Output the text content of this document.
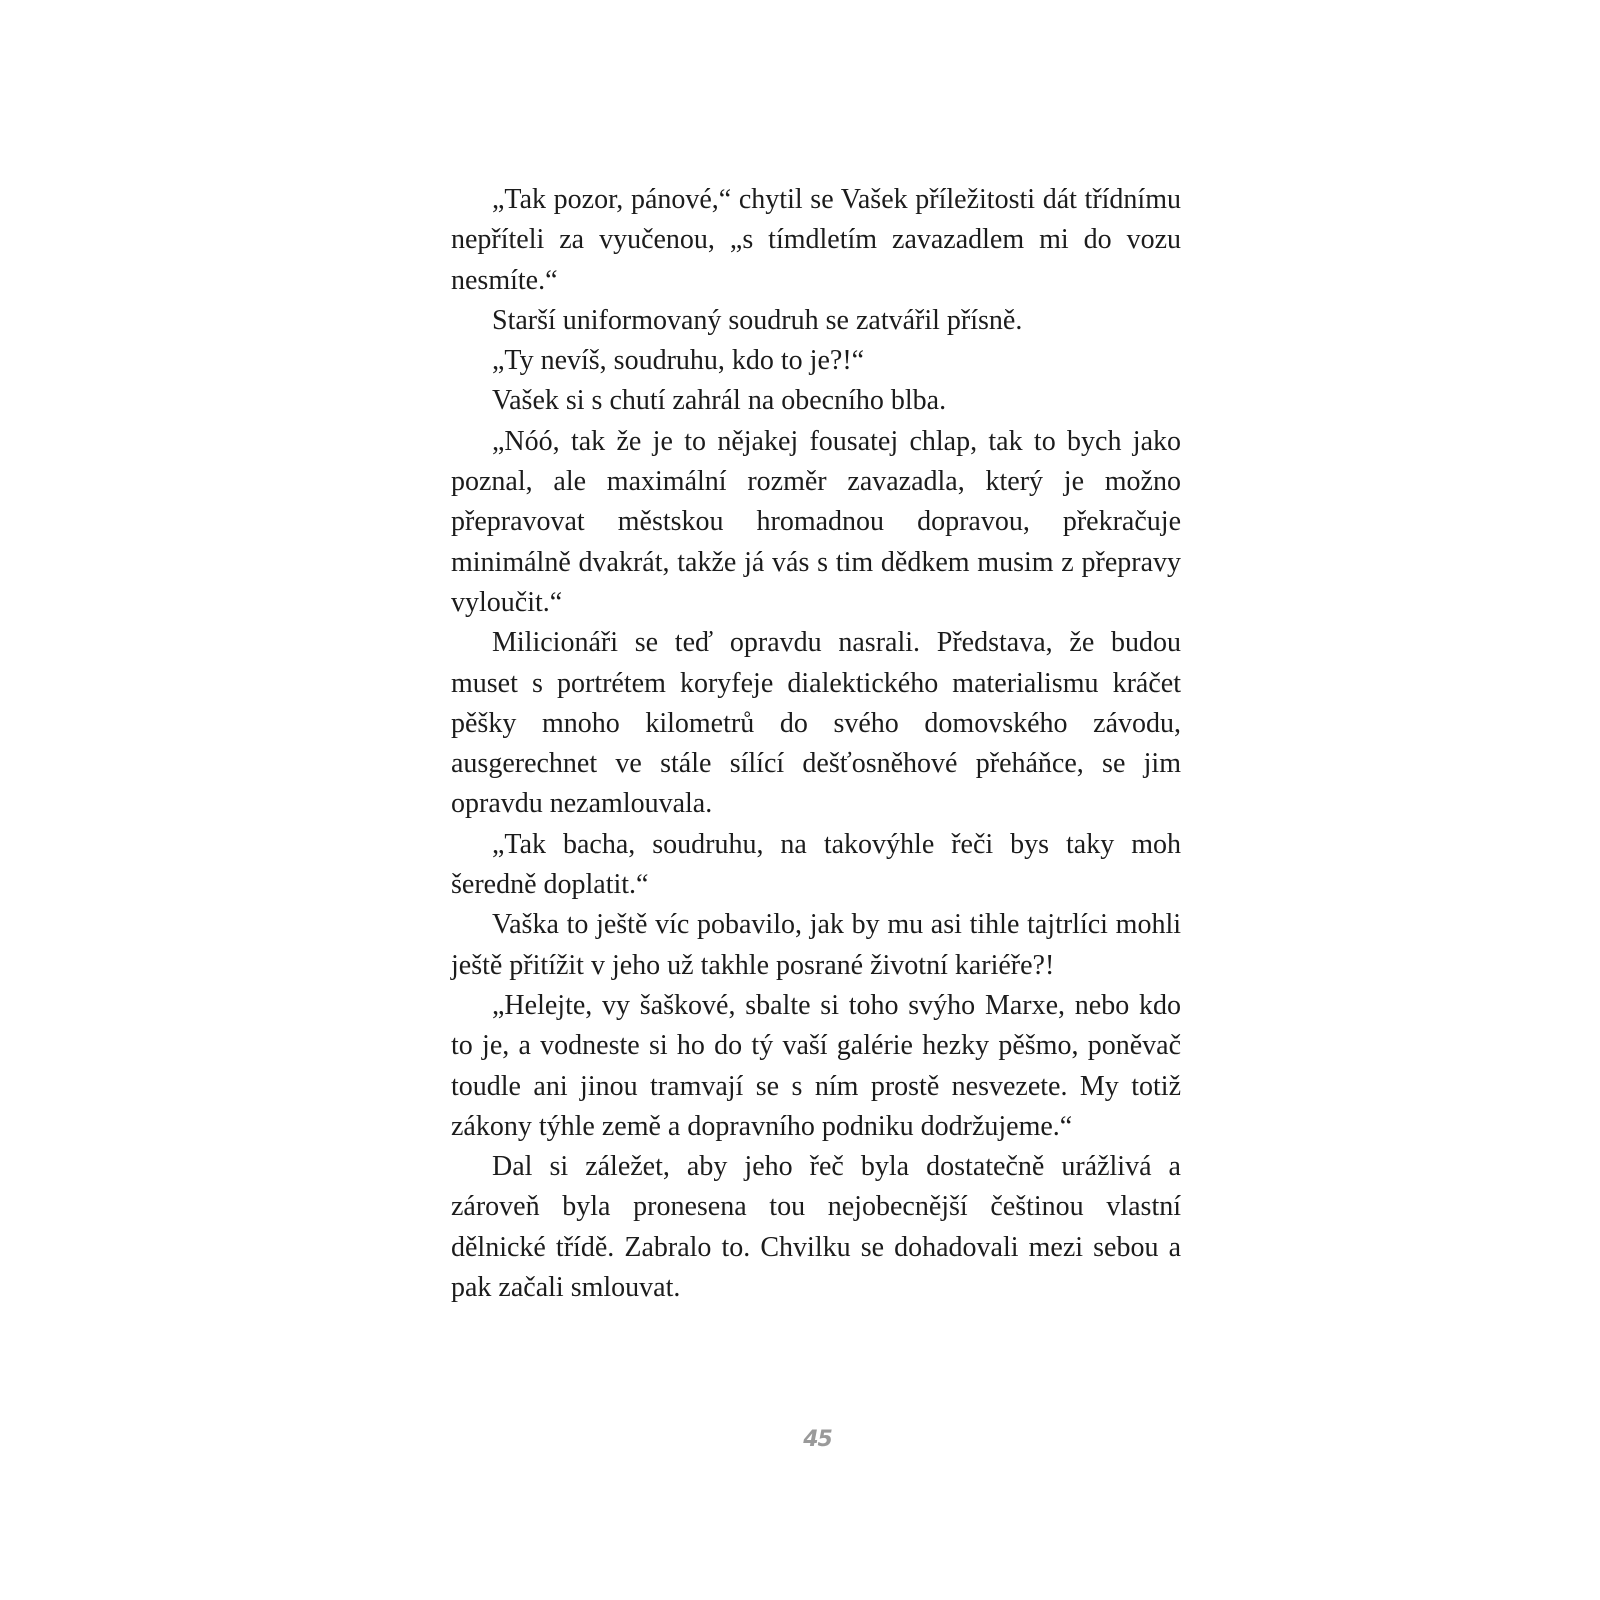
„Tak pozor, pánové,“ chytil se Vašek příležitosti dát třídnímu nepříteli za vyučenou, „s tímdletím zavazadlem mi do vozu nesmíte.“

Starší uniformovaný soudruh se zatvářil přísně.

„Ty nevíš, soudruhu, kdo to je?!“

Vašek si s chutí zahrál na obecního blba.

„Nóó, tak že je to nějakej fousatej chlap, tak to bych jako poznal, ale maximální rozměr zavazadla, který je možno přepravovat městskou hromadnou dopravou, překračuje minimálně dvakrát, takže já vás s tim dědkem musim z přepravy vyloučit.“

Milicionáři se teď opravdu nasrali. Představa, že budou muset s portrétem koryfeje dialektického materialismu kráčet pěšky mnoho kilometrů do svého domovského závodu, ausgerechnet ve stále sílící dešťosněhové přeháňce, se jim opravdu nezamlouvala.

„Tak bacha, soudruhu, na takovýhle řeči bys taky moh šeredně doplatit.“

Vaška to ještě víc pobavilo, jak by mu asi tihle tajtrlíci mohli ještě přitížit v jeho už takhle posrané životní kariéře?!

„Helejte, vy šaškové, sbalte si toho svýho Marxe, nebo kdo to je, a vodneste si ho do tý vaší galérie hezky pěšmo, poněvač toudle ani jinou tramvají se s ním prostě nesvezete. My totiž zákony týhle země a dopravního podniku dodržujeme.“

Dal si záležet, aby jeho řeč byla dostatečně urážlivá a zároveň byla pronesena tou nejobecnější češtinou vlastní dělnické třídě. Zabralo to. Chvilku se dohadovali mezi sebou a pak začali smlouvat.

45
